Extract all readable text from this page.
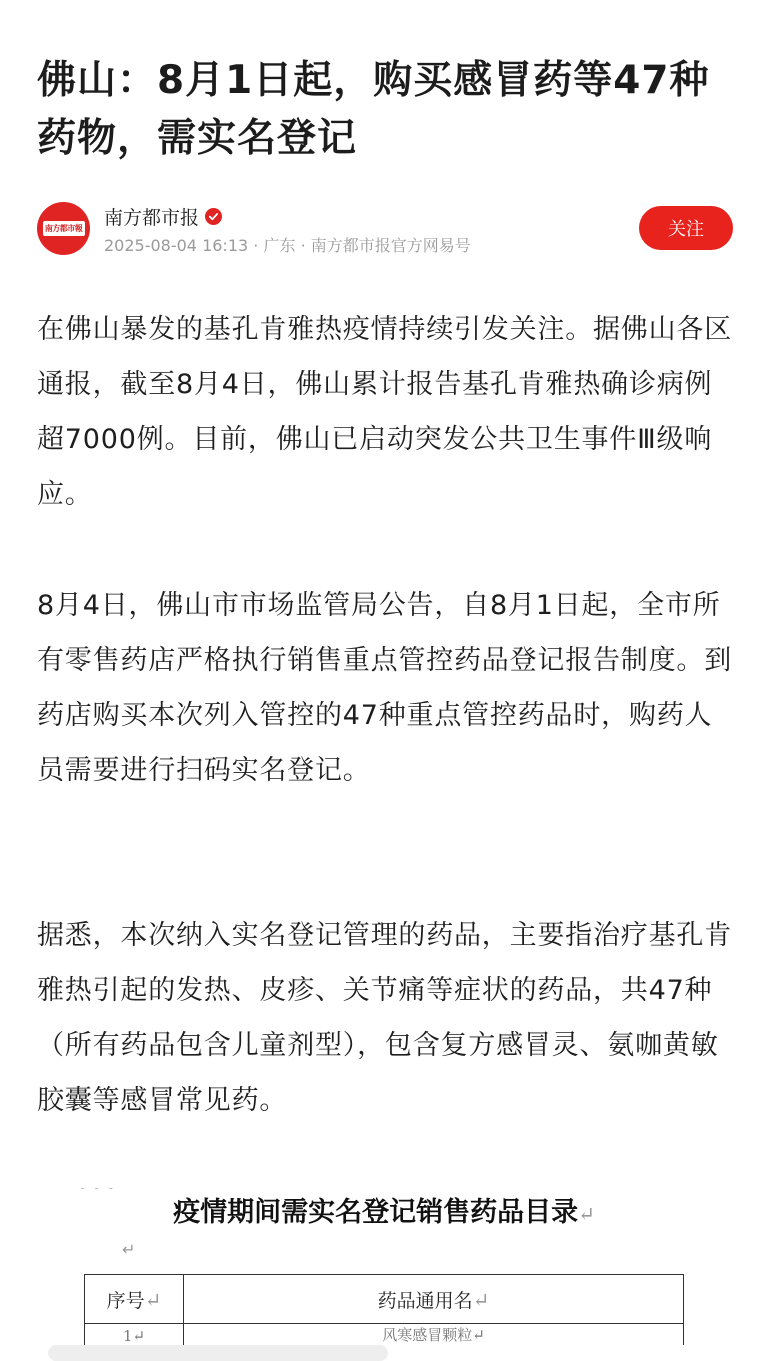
佛山：8月1日起，购买感冒药等47种药物，需实名登记
南方都市報 南方都市报
2025-08-04 16:13 · 广东 · 南方都市报官方网易号
关注

在佛山暴发的基孔肯雅热疫情持续引发关注。据佛山各区通报，截至8月4日，佛山累计报告基孔肯雅热确诊病例超7000例。目前，佛山已启动突发公共卫生事件Ⅲ级响应。

8月4日，佛山市市场监管局公告，自8月1日起，全市所有零售药店严格执行销售重点管控药品登记报告制度。到药店购买本次列入管控的47种重点管控药品时，购药人员需要进行扫码实名登记。

据悉，本次纳入实名登记管理的药品，主要指治疗基孔肯雅热引起的发热、皮疹、关节痛等症状的药品，共47种（所有药品包含儿童剂型），包含复方感冒灵、氨咖黄敏胶囊等感冒常见药。

⁃ ⁃ ⁃
疫情期间需实名登记销售药品目录↵
↵
序号↵	药品通用名↵
1↵	风寒感冒颗粒↵
